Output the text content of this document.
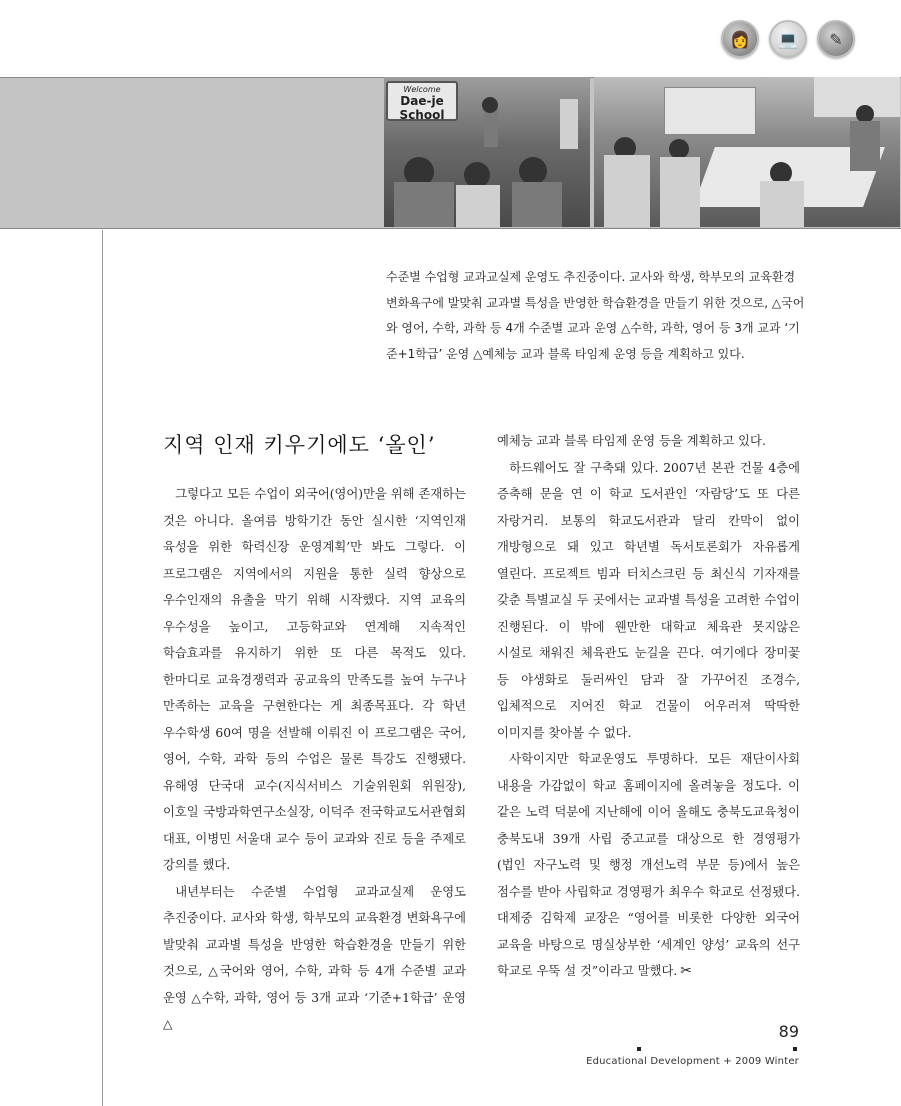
👩	💻	✎
Welcome
Dae-je School
수준별 수업형 교과교실제 운영도 추진중이다. 교사와 학생, 학부모의 교육환경 변화욕구에 발맞춰 교과별 특성을 반영한 학습환경을 만들기 위한 것으로, △국어와 영어, 수학, 과학 등 4개 수준별 교과 운영 △수학, 과학, 영어 등 3개 교과 ‘기준+1학급’ 운영 △예체능 교과 블록 타임제 운영 등을 계획하고 있다.
지역 인재 키우기에도 ‘올인’

그렇다고 모든 수업이 외국어(영어)만을 위해 존재하는 것은 아니다. 올여름 방학기간 동안 실시한 ‘지역인재 육성을 위한 학력신장 운영계획’만 봐도 그렇다. 이 프로그램은 지역에서의 지원을 통한 실력 향상으로 우수인재의 유출을 막기 위해 시작했다. 지역 교육의 우수성을 높이고, 고등학교와 연계해 지속적인 학습효과를 유지하기 위한 또 다른 목적도 있다. 한마디로 교육경쟁력과 공교육의 만족도를 높여 누구나 만족하는 교육을 구현한다는 게 최종목표다. 각 학년 우수학생 60여 명을 선발해 이뤄진 이 프로그램은 국어, 영어, 수학, 과학 등의 수업은 물론 특강도 진행됐다. 유해영 단국대 교수(지식서비스 기술위원회 위원장), 이호일 국방과학연구소실장, 이덕주 전국학교도서관협회 대표, 이병민 서울대 교수 등이 교과와 진로 등을 주제로 강의를 했다.

내년부터는 수준별 수업형 교과교실제 운영도 추진중이다. 교사와 학생, 학부모의 교육환경 변화욕구에 발맞춰 교과별 특성을 반영한 학습환경을 만들기 위한 것으로, △국어와 영어, 수학, 과학 등 4개 수준별 교과 운영 △수학, 과학, 영어 등 3개 교과 ‘기준+1학급’ 운영 △

예체능 교과 블록 타임제 운영 등을 계획하고 있다.

하드웨어도 잘 구축돼 있다. 2007년 본관 건물 4층에 증축해 문을 연 이 학교 도서관인 ‘자람당’도 또 다른 자랑거리. 보통의 학교도서관과 달리 칸막이 없이 개방형으로 돼 있고 학년별 독서토론회가 자유롭게 열린다. 프로젝트 빔과 터치스크린 등 최신식 기자재를 갖춘 특별교실 두 곳에서는 교과별 특성을 고려한 수업이 진행된다. 이 밖에 웬만한 대학교 체육관 못지않은 시설로 채워진 체육관도 눈길을 끈다. 여기에다 장미꽃 등 야생화로 둘러싸인 담과 잘 가꾸어진 조경수, 입체적으로 지어진 학교 건물이 어우러져 딱딱한 이미지를 찾아볼 수 없다.

사학이지만 학교운영도 투명하다. 모든 재단이사회 내용을 가감없이 학교 홈페이지에 올려놓을 정도다. 이 같은 노력 덕분에 지난해에 이어 올해도 충북도교육청이 충북도내 39개 사립 중고교를 대상으로 한 경영평가(법인 자구노력 및 행정 개선노력 부문 등)에서 높은 점수를 받아 사립학교 경영평가 최우수 학교로 선정됐다. 대제중 김학제 교장은 “영어를 비롯한 다양한 외국어 교육을 바탕으로 명실상부한 ‘세계인 양성’ 교육의 선구 학교로 우뚝 설 것”이라고 말했다. ✂

89
Educational Development + 2009 Winter
